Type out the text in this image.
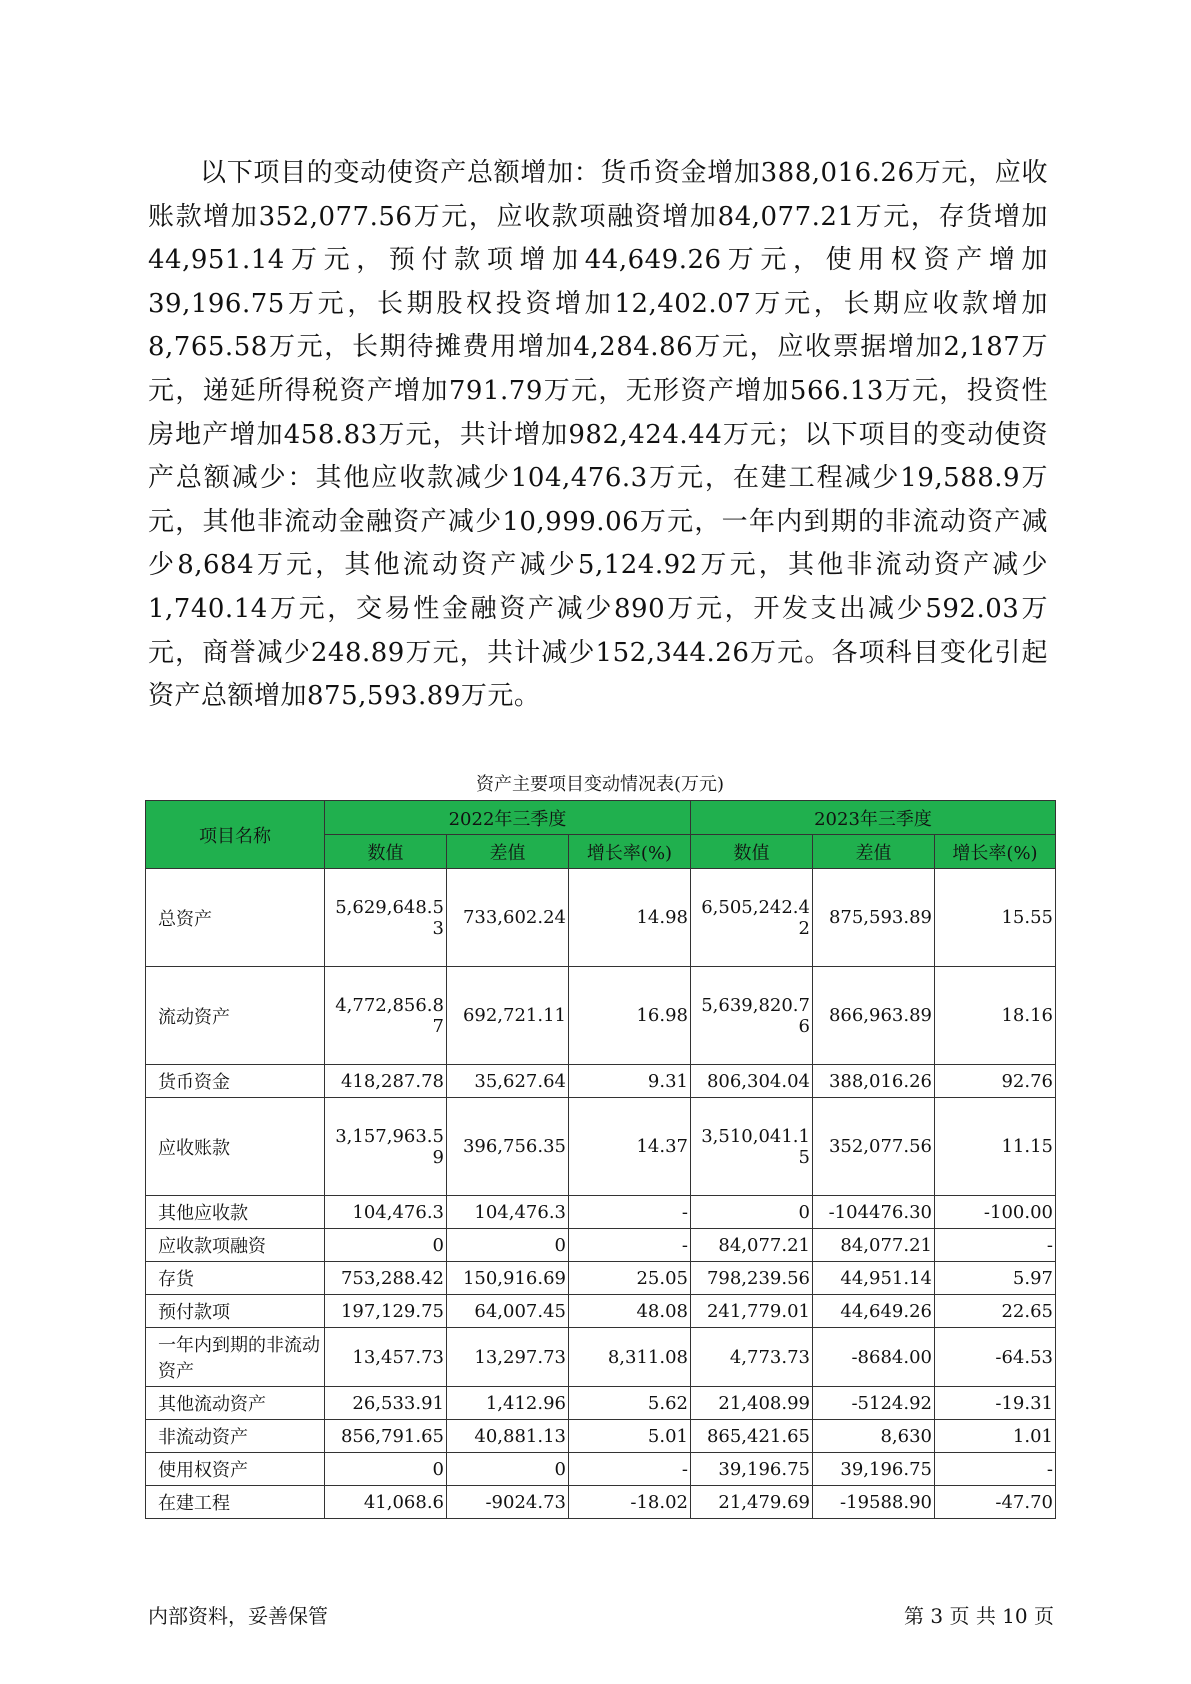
以下项目的变动使资产总额增加：货币资金增加388,016.26万元，应收账款增加352,077.56万元，应收款项融资增加84,077.21万元，存货增加44,951.14万元，预付款项增加44,649.26万元，使用权资产增加39,196.75万元，长期股权投资增加12,402.07万元，长期应收款增加8,765.58万元，长期待摊费用增加4,284.86万元，应收票据增加2,187万元，递延所得税资产增加791.79万元，无形资产增加566.13万元，投资性房地产增加458.83万元，共计增加982,424.44万元；以下项目的变动使资产总额减少：其他应收款减少104,476.3万元，在建工程减少19,588.9万元，其他非流动金融资产减少10,999.06万元，一年内到期的非流动资产减少8,684万元，其他流动资产减少5,124.92万元，其他非流动资产减少1,740.14万元，交易性金融资产减少890万元，开发支出减少592.03万元，商誉减少248.89万元，共计减少152,344.26万元。各项科目变化引起资产总额增加875,593.89万元。

资产主要项目变动情况表(万元)
项目名称	2022年三季度			2023年三季度		
	数值	差值	增长率(%)	数值	差值	增长率(%)
总资产	5,629,648.53	733,602.24	14.98	6,505,242.42	875,593.89	15.55
流动资产	4,772,856.87	692,721.11	16.98	5,639,820.76	866,963.89	18.16
货币资金	418,287.78	35,627.64	9.31	806,304.04	388,016.26	92.76
应收账款	3,157,963.59	396,756.35	14.37	3,510,041.15	352,077.56	11.15
其他应收款	104,476.3	104,476.3	-	0	-104476.30	-100.00
应收款项融资	0	0	-	84,077.21	84,077.21	-
存货	753,288.42	150,916.69	25.05	798,239.56	44,951.14	5.97
预付款项	197,129.75	64,007.45	48.08	241,779.01	44,649.26	22.65
一年内到期的非流动资产	13,457.73	13,297.73	8,311.08	4,773.73	-8684.00	-64.53
其他流动资产	26,533.91	1,412.96	5.62	21,408.99	-5124.92	-19.31
非流动资产	856,791.65	40,881.13	5.01	865,421.65	8,630	1.01
使用权资产	0	0	-	39,196.75	39,196.75	-
在建工程	41,068.6	-9024.73	-18.02	21,479.69	-19588.90	-47.70
内部资料，妥善保管	第 3 页 共 10 页
